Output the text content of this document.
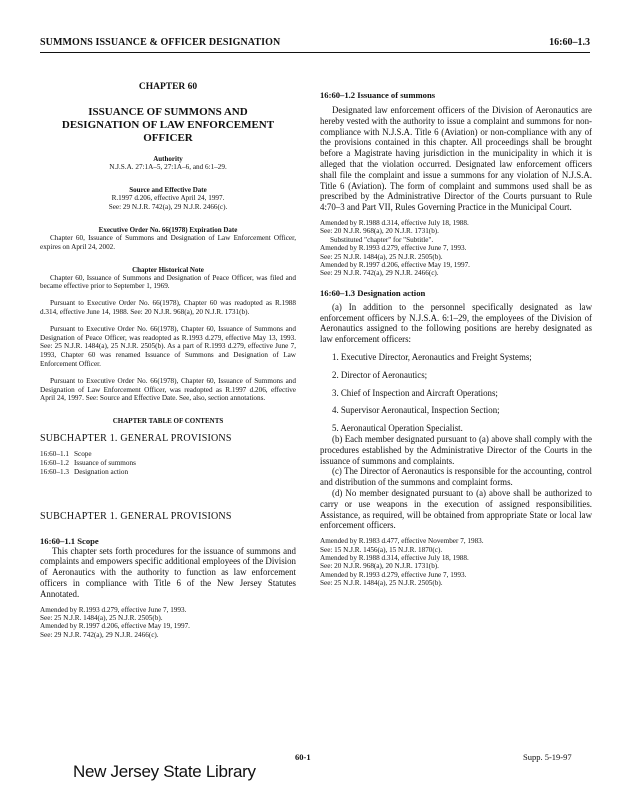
SUMMONS ISSUANCE & OFFICER DESIGNATION	16:60–1.3
CHAPTER 60
ISSUANCE OF SUMMONS AND DESIGNATION OF LAW ENFORCEMENT OFFICER
Authority
N.J.S.A. 27:1A–5, 27:1A–6, and 6:1–29.
Source and Effective Date
R.1997 d.206, effective April 24, 1997.
See: 29 N.J.R. 742(a), 29 N.J.R. 2466(c).
Executive Order No. 66(1978) Expiration Date

Chapter 60, Issuance of Summons and Designation of Law Enforcement Officer, expires on April 24, 2002.

Chapter Historical Note

Chapter 60, Issuance of Summons and Designation of Peace Officer, was filed and became effective prior to September 1, 1969.

Pursuant to Executive Order No. 66(1978), Chapter 60 was readopted as R.1988 d.314, effective June 14, 1988. See: 20 N.J.R. 968(a), 20 N.J.R. 1731(b).

Pursuant to Executive Order No. 66(1978), Chapter 60, Issuance of Summons and Designation of Peace Officer, was readopted as R.1993 d.279, effective May 13, 1993. See: 25 N.J.R. 1484(a), 25 N.J.R. 2505(b). As a part of R.1993 d.279, effective June 7, 1993, Chapter 60 was renamed Issuance of Summons and Designation of Law Enforcement Officer.

Pursuant to Executive Order No. 66(1978), Chapter 60, Issuance of Summons and Designation of Law Enforcement Officer, was readopted as R.1997 d.206, effective April 24, 1997. See: Source and Effective Date. See, also, section annotations.

CHAPTER TABLE OF CONTENTS
SUBCHAPTER 1. GENERAL PROVISIONS
16:60–1.1 Scope
16:60–1.2 Issuance of summons
16:60–1.3 Designation action
SUBCHAPTER 1. GENERAL PROVISIONS
16:60–1.1 Scope

This chapter sets forth procedures for the issuance of summons and complaints and empowers specific additional employees of the Division of Aeronautics with the authority to function as law enforcement officers in compliance with Title 6 of the New Jersey Statutes Annotated.

Amended by R.1993 d.279, effective June 7, 1993.
See: 25 N.J.R. 1484(a), 25 N.J.R. 2505(b).
Amended by R.1997 d.206, effective May 19, 1997.
See: 29 N.J.R. 742(a), 29 N.J.R. 2466(c).
16:60–1.2 Issuance of summons

Designated law enforcement officers of the Division of Aeronautics are hereby vested with the authority to issue a complaint and summons for non-compliance with N.J.S.A. Title 6 (Aviation) or non-compliance with any of the provisions contained in this chapter. All proceedings shall be brought before a Magistrate having jurisdiction in the municipality in which it is alleged that the violation occurred. Designated law enforcement officers shall file the complaint and issue a summons for any violation of N.J.S.A. Title 6 (Aviation). The form of complaint and summons used shall be as prescribed by the Administrative Director of the Courts pursuant to Rule 4:70–3 and Part VII, Rules Governing Practice in the Municipal Court.

Amended by R.1988 d.314, effective July 18, 1988.
See: 20 N.J.R. 968(a), 20 N.J.R. 1731(b).
Substituted "chapter" for "Subtitle".
Amended by R.1993 d.279, effective June 7, 1993.
See: 25 N.J.R. 1484(a), 25 N.J.R. 2505(b).
Amended by R.1997 d.206, effective May 19, 1997.
See: 29 N.J.R. 742(a), 29 N.J.R. 2466(c).
16:60–1.3 Designation action

(a) In addition to the personnel specifically designated as law enforcement officers by N.J.S.A. 6:1–29, the employees of the Division of Aeronautics assigned to the following positions are hereby designated as law enforcement officers:

1. Executive Director, Aeronautics and Freight Systems;
2. Director of Aeronautics;
3. Chief of Inspection and Aircraft Operations;
4. Supervisor Aeronautical, Inspection Section;
5. Aeronautical Operation Specialist.

(b) Each member designated pursuant to (a) above shall comply with the procedures established by the Administrative Director of the Courts in the issuance of summons and complaints.

(c) The Director of Aeronautics is responsible for the accounting, control and distribution of the summons and complaint forms.

(d) No member designated pursuant to (a) above shall be authorized to carry or use weapons in the execution of assigned responsibilities. Assistance, as required, will be obtained from appropriate State or local law enforcement officers.

Amended by R.1983 d.477, effective November 7, 1983.
See: 15 N.J.R. 1456(a), 15 N.J.R. 1870(c).
Amended by R.1988 d.314, effective July 18, 1988.
See: 20 N.J.R. 968(a), 20 N.J.R. 1731(b).
Amended by R.1993 d.279, effective June 7, 1993.
See: 25 N.J.R. 1484(a), 25 N.J.R. 2505(b).
60-1	Supp. 5-19-97
New Jersey State Library
